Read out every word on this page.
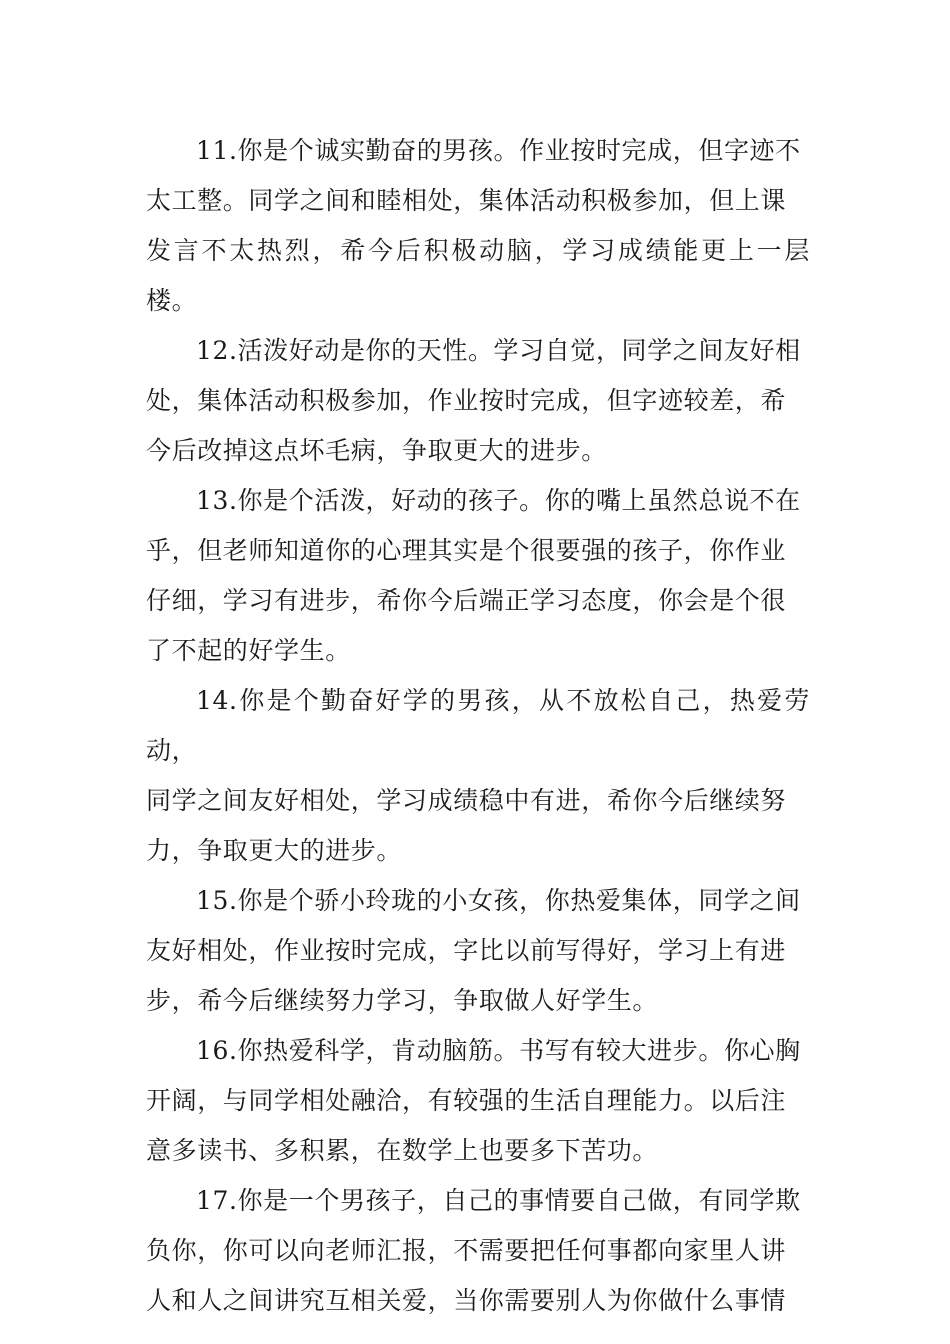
11.你是个诚实勤奋的男孩。作业按时完成，但字迹不
太工整。同学之间和睦相处，集体活动积极参加，但上课
发言不太热烈，希今后积极动脑，学习成绩能更上一层楼。

12.活泼好动是你的天性。学习自觉，同学之间友好相
处，集体活动积极参加，作业按时完成，但字迹较差，希
今后改掉这点坏毛病，争取更大的进步。

13.你是个活泼，好动的孩子。你的嘴上虽然总说不在
乎，但老师知道你的心理其实是个很要强的孩子，你作业
仔细，学习有进步，希你今后端正学习态度，你会是个很
了不起的好学生。

14.你是个勤奋好学的男孩，从不放松自己，热爱劳动，
同学之间友好相处，学习成绩稳中有进，希你今后继续努
力，争取更大的进步。

15.你是个骄小玲珑的小女孩，你热爱集体，同学之间
友好相处，作业按时完成，字比以前写得好，学习上有进
步，希今后继续努力学习，争取做人好学生。

16.你热爱科学，肯动脑筋。书写有较大进步。你心胸
开阔，与同学相处融洽，有较强的生活自理能力。以后注
意多读书、多积累，在数学上也要多下苦功。

17.你是一个男孩子，自己的事情要自己做，有同学欺
负你，你可以向老师汇报，不需要把任何事都向家里人讲
人和人之间讲究互相关爱，当你需要别人为你做什么事情
